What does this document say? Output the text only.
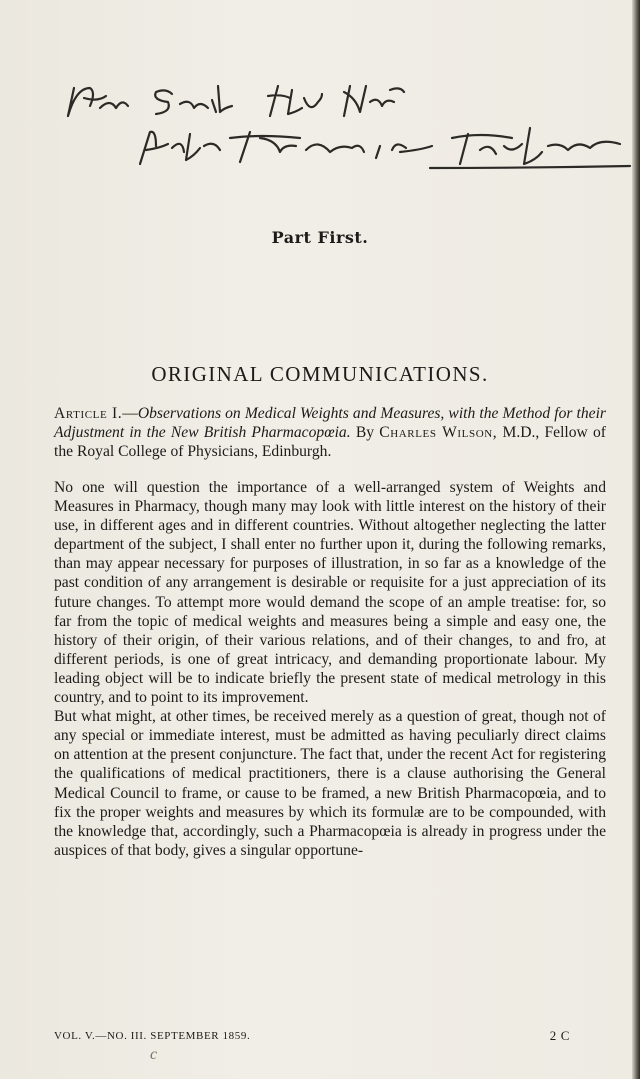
Part First.
ORIGINAL COMMUNICATIONS.
Article I.—Observations on Medical Weights and Measures, with the Method for their Adjustment in the New British Pharmacopœia. By Charles Wilson, M.D., Fellow of the Royal College of Physicians, Edinburgh.

No one will question the importance of a well-arranged system of Weights and Measures in Pharmacy, though many may look with little interest on the history of their use, in different ages and in different countries. Without altogether neglecting the latter department of the subject, I shall enter no further upon it, during the following remarks, than may appear necessary for purposes of illustration, in so far as a knowledge of the past condition of any arrangement is desirable or requisite for a just appreciation of its future changes. To attempt more would demand the scope of an ample treatise: for, so far from the topic of medical weights and measures being a simple and easy one, the history of their origin, of their various relations, and of their changes, to and fro, at different periods, is one of great intricacy, and demanding proportionate labour. My leading object will be to indicate briefly the present state of medical metrology in this country, and to point to its improvement.

But what might, at other times, be received merely as a question of great, though not of any special or immediate interest, must be admitted as having peculiarly direct claims on attention at the present conjuncture. The fact that, under the recent Act for registering the qualifications of medical practitioners, there is a clause authorising the General Medical Council to frame, or cause to be framed, a new British Pharmacopœia, and to fix the proper weights and measures by which its formulæ are to be compounded, with the knowledge that, accordingly, such a Pharmacopœia is already in progress under the auspices of that body, gives a singular opportune-

VOL. V.—NO. III. SEPTEMBER 1859.	2 C
c
